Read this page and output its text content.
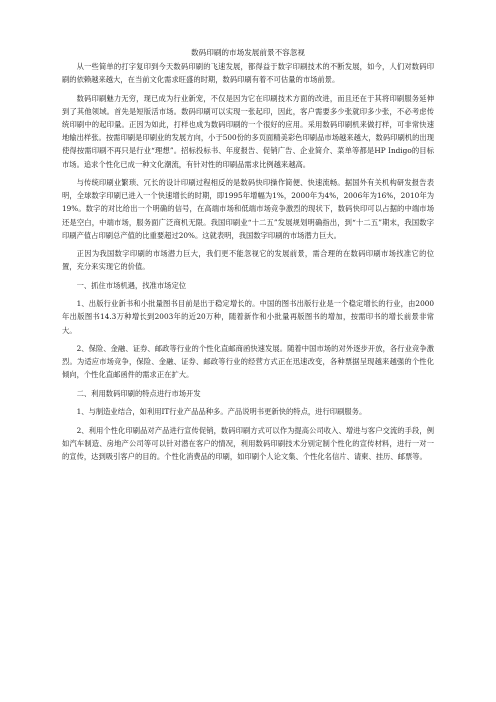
数码印刷的市场发展前景不容忽视

从一些简单的打字复印到今天数码印刷的飞速发展，都得益于数字印刷技术的不断发展，如今，人们对数码印刷的依赖越来越大，在当前文化需求旺盛的时期，数码印刷有着不可估量的市场前景。

数码印刷魅力无穷，现已成为行业新宠，不仅是因为它在印刷技术方面的改进，而且还在于其将印刷服务延伸到了其他领域。首先是短版活市场。数码印刷可以实现一张起印，因此，客户需要多少张就印多少张，不必考虑传统印刷中的起印量。正因为如此，打样也成为数码印刷的一个很好的应用。采用数码印刷机来做打样，可非常快速地输出样张。按需印刷是印刷业的发展方向，小于500份的多页面精美彩色印刷品市场越来越大，数码印刷机的出现使得按需印刷不再只是行业“理想”。招标投标书、年度报告、促销广告、企业简介、菜单等都是HP Indigo的目标市场。追求个性化已成一种文化潮流，有针对性的印刷品需求比例越来越高。

与传统印刷业繁琐、冗长的设计印刷过程相反的是数码快印操作简便、快速流畅。据国外有关机构研发报告表明，全球数字印刷已进入一个快速增长的时期，即1995年增幅为1%，2000年为4%，2006年为16%，2010年为19%。数字的对比给出一个明确的信号，在高端市场和低端市场竞争激烈的现状下，数码快印可以占据的中端市场还是空白，中端市场，服务面广泛商机无限。我国印刷业“十二五”发展规划明确指出，到“十二五”期末，我国数字印刷产值占印刷总产值的比重要超过20%。这就表明，我国数字印刷的市场潜力巨大。

正因为我国数字印刷的市场潜力巨大，我们更不能忽视它的发展前景，需合理的在数码印刷市场找准它的位置，充分来实现它的价值。

一、抓住市场机遇，找准市场定位

1、出版行业新书和小批量图书目前是出于稳定增长的。中国的图书出版行业是一个稳定增长的行业，由2000年出版图书14.3万种增长到2003年的近20万种，随着新作和小批量再版图书的增加，按需印书的增长前景非常大。

2、保险、金融、证券、邮政等行业的个性化直邮商函快速发展。随着中国市场的对外逐步开放，各行业竞争激烈。为适应市场竞争，保险、金融、证券、邮政等行业的经营方式正在迅速改变，各种票据呈现越来越强的个性化倾向，个性化直邮函件的需求正在扩大。

二、利用数码印刷的特点进行市场开发

1、与制造业结合，如利用IT行业产品品种多。产品说明书更新快的特点，进行印刷服务。

2、利用个性化印刷品对产品进行宣传促销，数码印刷方式可以作为提高公司收入、增进与客户交流的手段，例如汽车制造、房地产公司等可以针对潜在客户的情况，利用数码印刷技术分别定制个性化的宣传材料，进行一对一的宣传，达到吸引客户的目的。个性化消费品的印刷，如印刷个人论文集、个性化名信片、请柬、挂历、邮票等。
